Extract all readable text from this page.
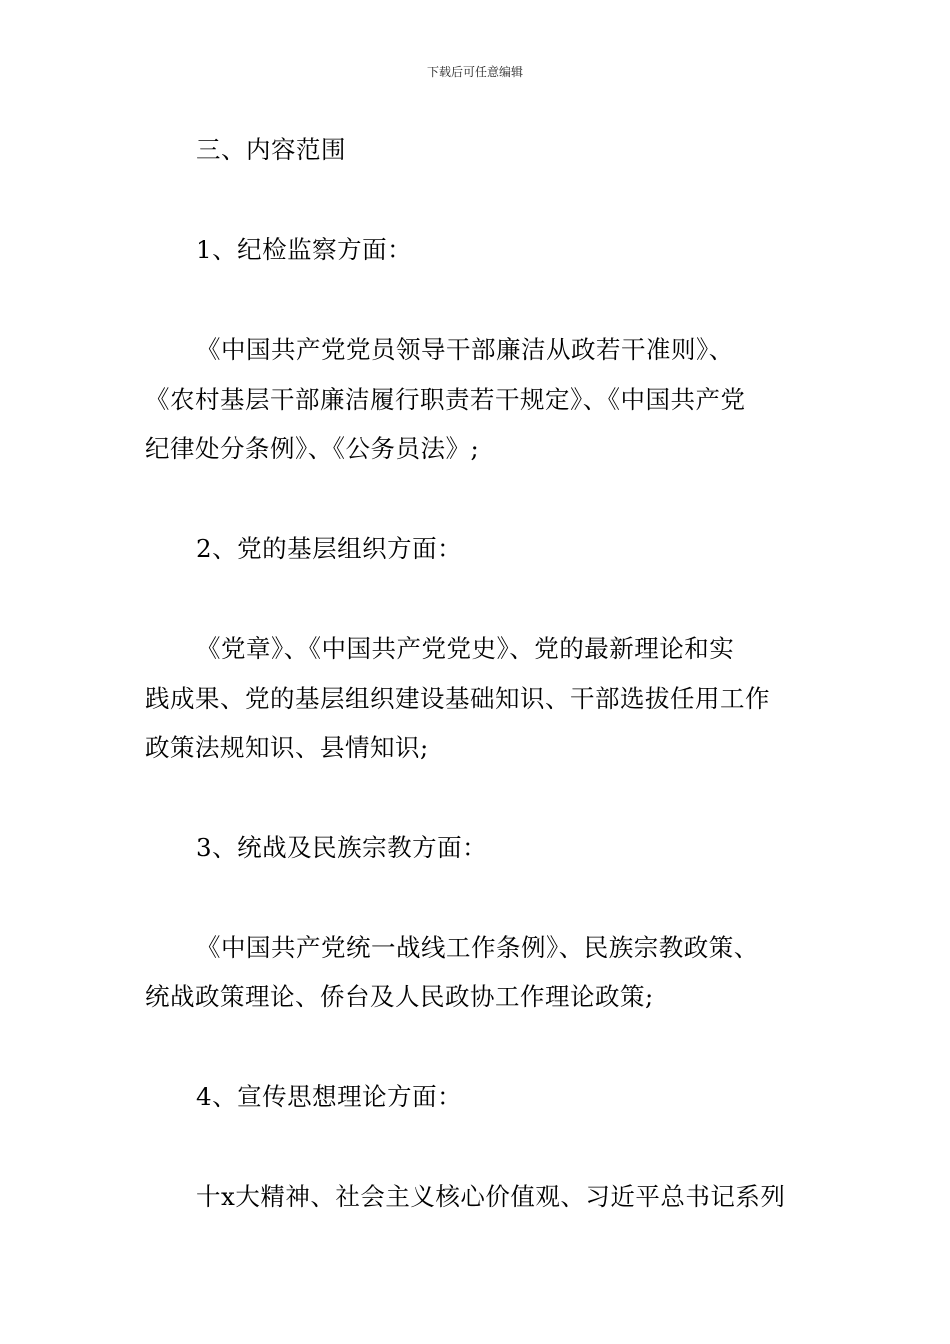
下载后可任意编辑
三、内容范围
1、纪检监察方面：
《中国共产党党员领导干部廉洁从政若干准则》、
《农村基层干部廉洁履行职责若干规定》、《中国共产党
纪律处分条例》、《公务员法》;
2、党的基层组织方面：
《党章》、《中国共产党党史》、党的最新理论和实
践成果、党的基层组织建设基础知识、干部选拔任用工作
政策法规知识、县情知识;
3、统战及民族宗教方面：
《中国共产党统一战线工作条例》、民族宗教政策、
统战政策理论、侨台及人民政协工作理论政策;
4、宣传思想理论方面：
十x大精神、社会主义核心价值观、习近平总书记系列
